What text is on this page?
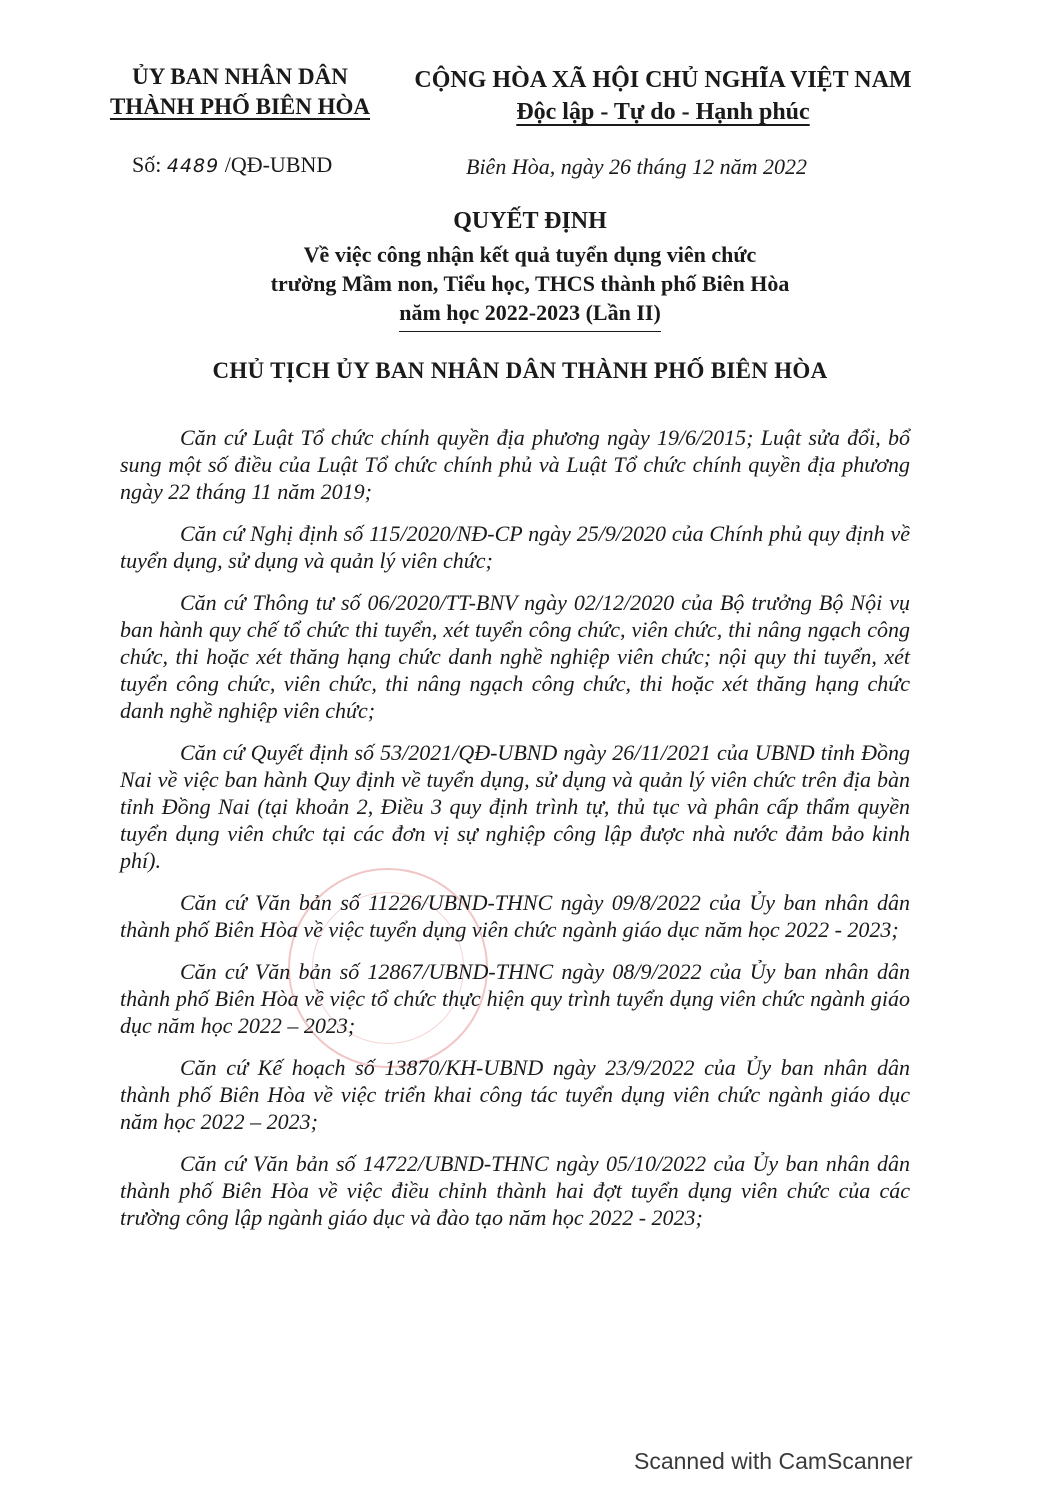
ỦY BAN NHÂN DÂN
THÀNH PHỐ BIÊN HÒA
CỘNG HÒA XÃ HỘI CHỦ NGHĨA VIỆT NAM
Độc lập - Tự do - Hạnh phúc
Số: 4489 /QĐ-UBND	Biên Hòa, ngày 26 tháng 12 năm 2022
QUYẾT ĐỊNH
Về việc công nhận kết quả tuyển dụng viên chức
trường Mầm non, Tiểu học, THCS thành phố Biên Hòa
năm học 2022-2023 (Lần II)
CHỦ TỊCH ỦY BAN NHÂN DÂN THÀNH PHỐ BIÊN HÒA

Căn cứ Luật Tổ chức chính quyền địa phương ngày 19/6/2015; Luật sửa đổi, bổ sung một số điều của Luật Tổ chức chính phủ và Luật Tổ chức chính quyền địa phương ngày 22 tháng 11 năm 2019;

Căn cứ Nghị định số 115/2020/NĐ-CP ngày 25/9/2020 của Chính phủ quy định về tuyển dụng, sử dụng và quản lý viên chức;

Căn cứ Thông tư số 06/2020/TT-BNV ngày 02/12/2020 của Bộ trưởng Bộ Nội vụ ban hành quy chế tổ chức thi tuyển, xét tuyển công chức, viên chức, thi nâng ngạch công chức, thi hoặc xét thăng hạng chức danh nghề nghiệp viên chức; nội quy thi tuyển, xét tuyển công chức, viên chức, thi nâng ngạch công chức, thi hoặc xét thăng hạng chức danh nghề nghiệp viên chức;

Căn cứ Quyết định số 53/2021/QĐ-UBND ngày 26/11/2021 của UBND tỉnh Đồng Nai về việc ban hành Quy định về tuyển dụng, sử dụng và quản lý viên chức trên địa bàn tỉnh Đồng Nai (tại khoản 2, Điều 3 quy định trình tự, thủ tục và phân cấp thẩm quyền tuyển dụng viên chức tại các đơn vị sự nghiệp công lập được nhà nước đảm bảo kinh phí).

Căn cứ Văn bản số 11226/UBND-THNC ngày 09/8/2022 của Ủy ban nhân dân thành phố Biên Hòa về việc tuyển dụng viên chức ngành giáo dục năm học 2022 - 2023;

Căn cứ Văn bản số 12867/UBND-THNC ngày 08/9/2022 của Ủy ban nhân dân thành phố Biên Hòa về việc tổ chức thực hiện quy trình tuyển dụng viên chức ngành giáo dục năm học 2022 – 2023;

Căn cứ Kế hoạch số 13870/KH-UBND ngày 23/9/2022 của Ủy ban nhân dân thành phố Biên Hòa về việc triển khai công tác tuyển dụng viên chức ngành giáo dục năm học 2022 – 2023;

Căn cứ Văn bản số 14722/UBND-THNC ngày 05/10/2022 của Ủy ban nhân dân thành phố Biên Hòa về việc điều chỉnh thành hai đợt tuyển dụng viên chức của các trường công lập ngành giáo dục và đào tạo năm học 2022 - 2023;

Scanned with CamScanner
